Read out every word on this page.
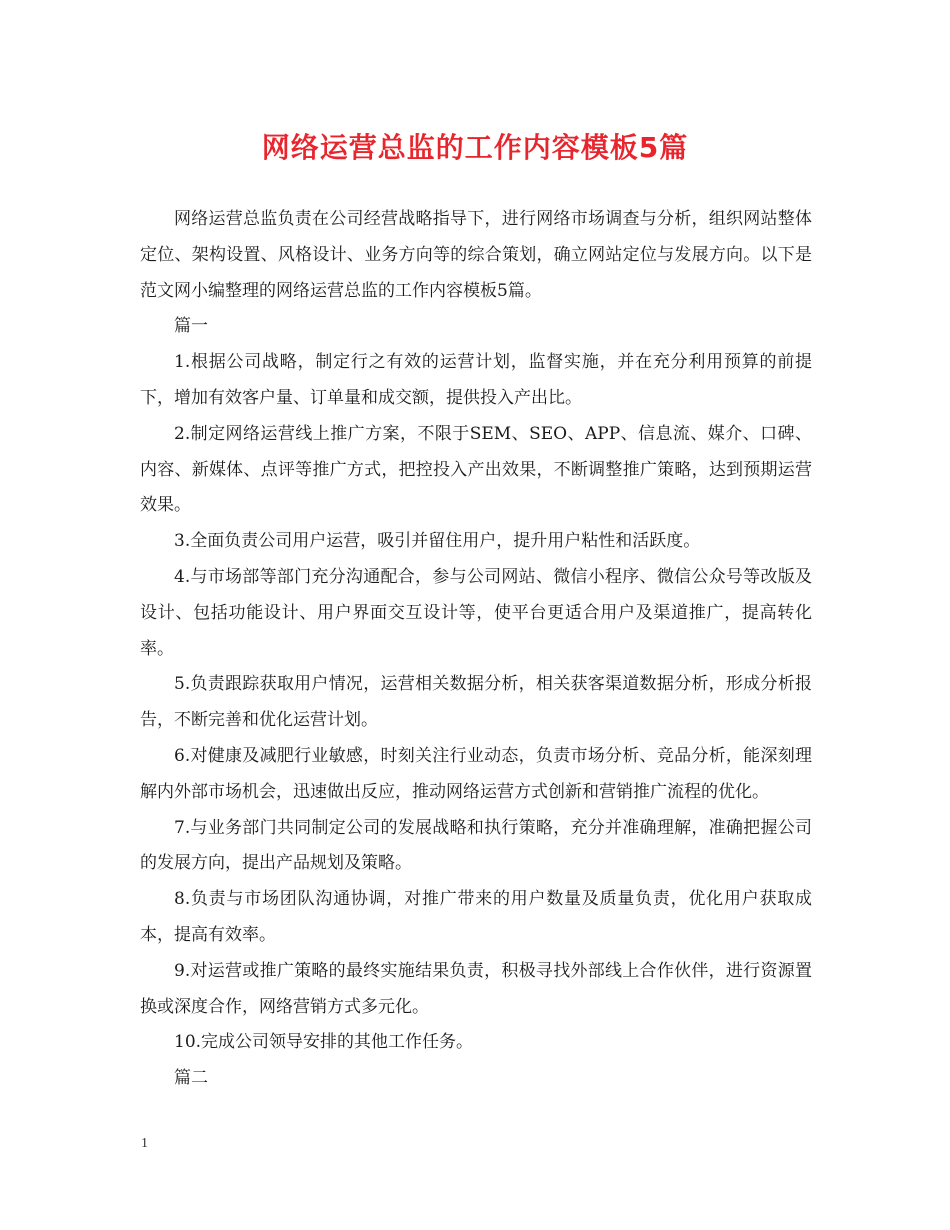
网络运营总监的工作内容模板5篇

网络运营总监负责在公司经营战略指导下，进行网络市场调查与分析，组织网站整体定位、架构设置、风格设计、业务方向等的综合策划，确立网站定位与发展方向。以下是范文网小编整理的网络运营总监的工作内容模板5篇。

篇一

1.根据公司战略，制定行之有效的运营计划，监督实施，并在充分利用预算的前提下，增加有效客户量、订单量和成交额，提供投入产出比。

2.制定网络运营线上推广方案，不限于SEM、SEO、APP、信息流、媒介、口碑、内容、新媒体、点评等推广方式，把控投入产出效果，不断调整推广策略，达到预期运营效果。

3.全面负责公司用户运营，吸引并留住用户，提升用户粘性和活跃度。

4.与市场部等部门充分沟通配合，参与公司网站、微信小程序、微信公众号等改版及设计、包括功能设计、用户界面交互设计等，使平台更适合用户及渠道推广，提高转化率。

5.负责跟踪获取用户情况，运营相关数据分析，相关获客渠道数据分析，形成分析报告，不断完善和优化运营计划。

6.对健康及减肥行业敏感，时刻关注行业动态，负责市场分析、竞品分析，能深刻理解内外部市场机会，迅速做出反应，推动网络运营方式创新和营销推广流程的优化。

7.与业务部门共同制定公司的发展战略和执行策略，充分并准确理解，准确把握公司的发展方向，提出产品规划及策略。

8.负责与市场团队沟通协调，对推广带来的用户数量及质量负责，优化用户获取成本，提高有效率。

9.对运营或推广策略的最终实施结果负责，积极寻找外部线上合作伙伴，进行资源置换或深度合作，网络营销方式多元化。

10.完成公司领导安排的其他工作任务。

篇二

1
